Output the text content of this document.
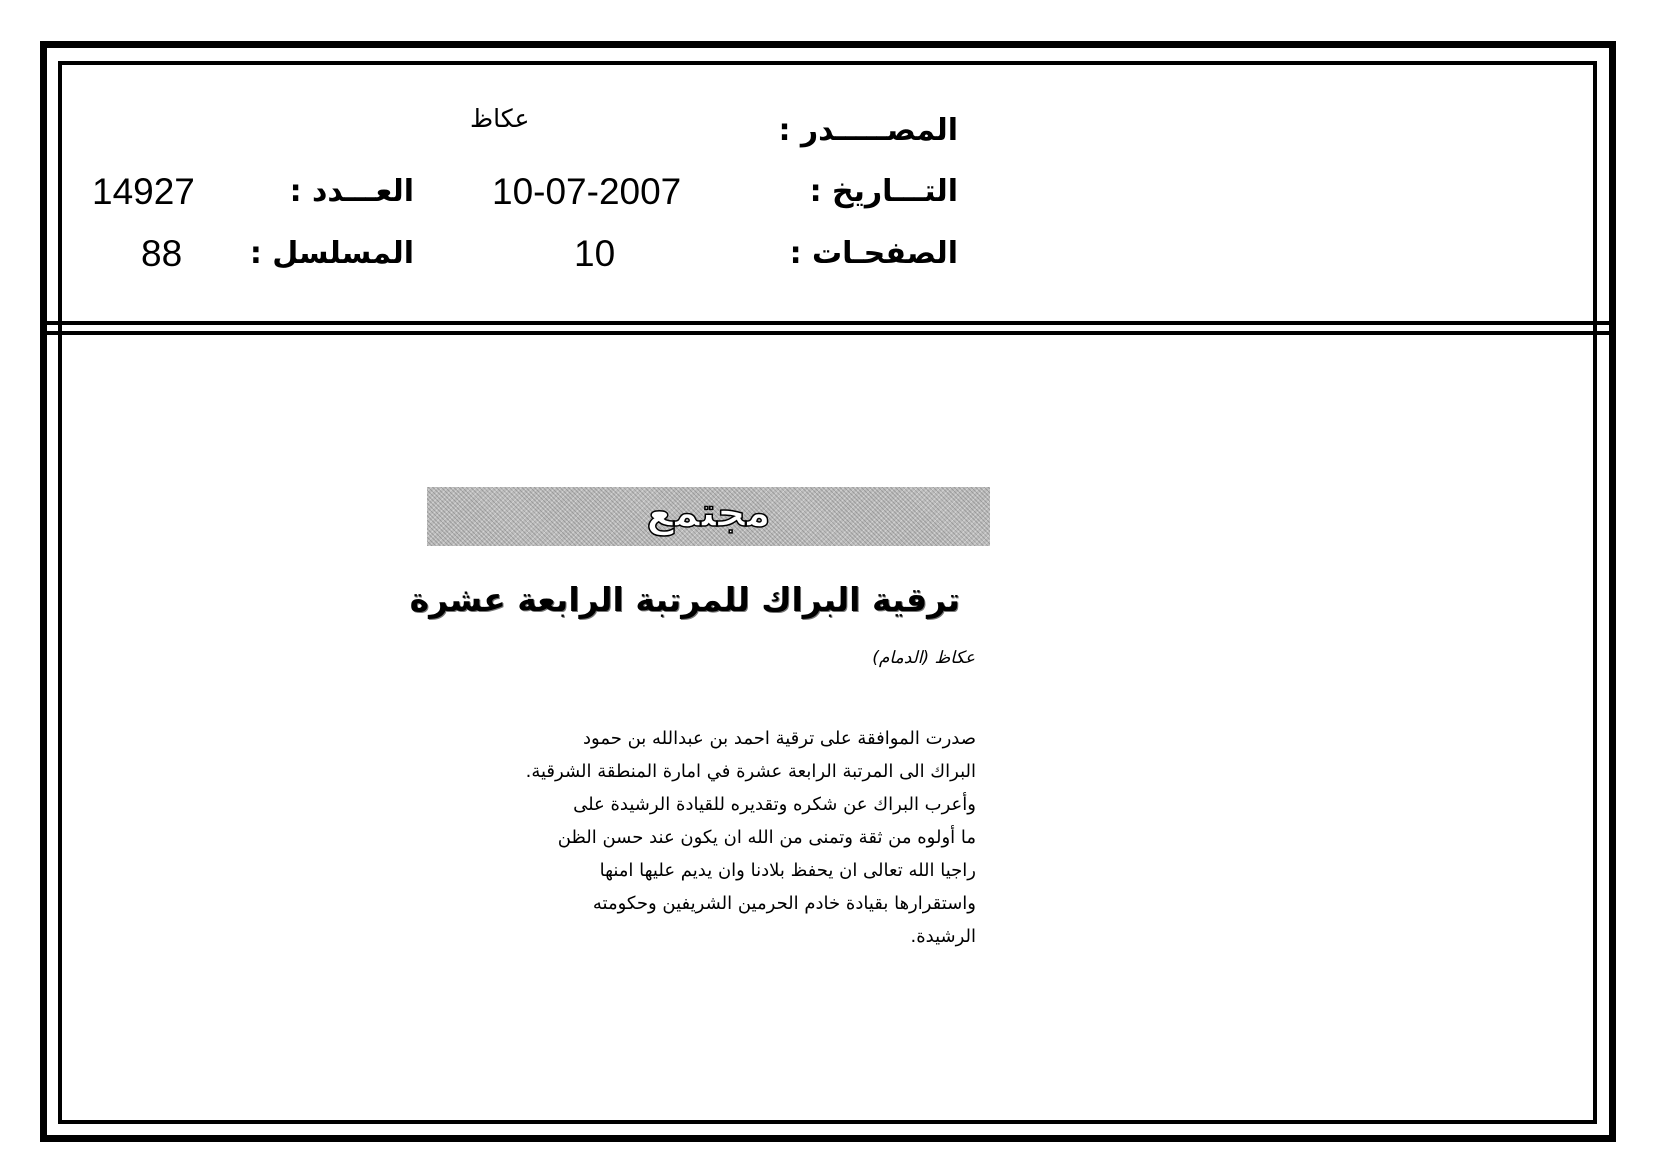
المصـــــدر :
عكاظ
التـــاريخ :
10-07-2007
العـــدد :
14927
الصفحـات :
10
المسلسل :
88
مجتمع
ترقية البراك للمرتبة الرابعة عشرة
عكاظ (الدمام)
صدرت الموافقة على ترقية احمد بن عبدالله بن حمود
البراك الى المرتبة الرابعة عشرة في امارة المنطقة الشرقية.
وأعرب البراك عن شكره وتقديره للقيادة الرشيدة على
ما أولوه من ثقة وتمنى من الله ان يكون عند حسن الظن
راجيا الله تعالى ان يحفظ بلادنا وان يديم عليها امنها
واستقرارها بقيادة خادم الحرمين الشريفين وحكومته
الرشيدة.
